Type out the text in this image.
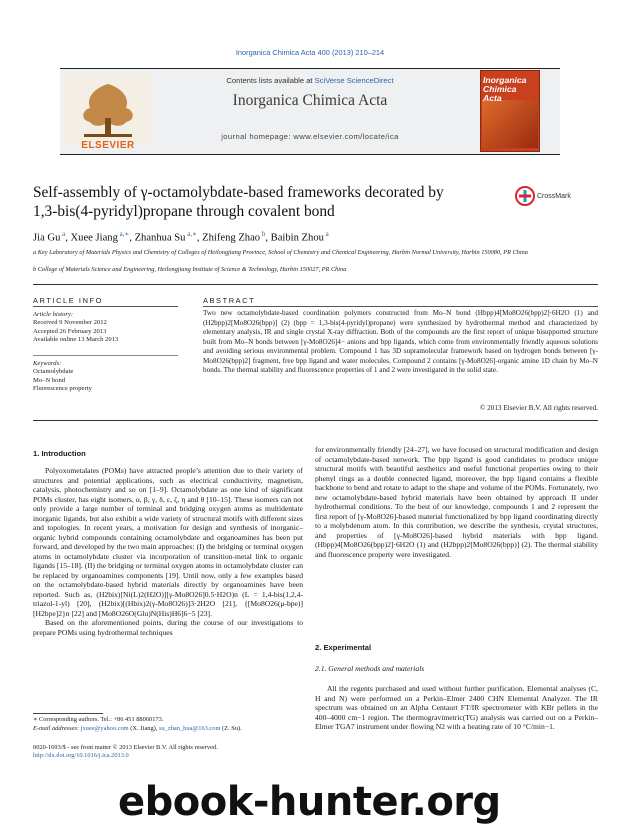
Inorganica Chimica Acta 400 (2013) 210–214
ELSEVIER
Contents lists available at SciVerse ScienceDirect
Inorganica Chimica Acta
journal homepage: www.elsevier.com/locate/ica
Inorganica Chimica Acta
Self-assembly of γ-octamolybdate-based frameworks decorated by 1,3-bis(4-pyridyl)propane through covalent bond
CrossMark
Jia Gu $^a$, Xuee Jiang $^{a,∗}$, Zhanhua Su $^{a,∗}$, Zhifeng Zhao $^b$, Baibin Zhou $^a$
a Key Laboratory of Materials Physics and Chemistry of Colleges of Heilongjiang Province, School of Chemistry and Chemical Engineering, Harbin Normal University, Harbin 150080, PR China
b College of Materials Science and Engineering, Heilongjiang Institute of Science & Technology, Harbin 150027, PR China
ARTICLE INFO	ABSTRACT
Article history:
Received 9 November 2012
Accepted 26 February 2013
Available online 13 March 2013
Keywords:
Octamolybdate
Mo–N bond
Fluorescence property
Two new octamolybdate-based coordination polymers constructed from Mo–N bond (Hbpp)4[Mo8O26(bpp)2]·6H2O (1) and (H2bpp)2[Mo8O26(bpp)] (2) (bpp = 1,3-bis(4-pyridyl)propane) were synthesized by hydrothermal method and characterized by elementary analysis, IR and single crystal X-ray diffraction. Both of the compounds are the first report of unique bisupported structure built from Mo–N bonds between [γ-Mo8O26]4− anions and bpp ligands, which come from environmentally friendly aqueous solutions and avoiding serious environmental problem. Compound 1 has 3D supramolecular framework based on hydrogen bonds between [γ-Mo8O26(bpp)2] fragment, free bpp ligand and water molecules. Compound 2 contains [γ-Mo8O26]-organic amine 1D chain by Mo–N bonds. The thermal stability and fluorescence properties of 1 and 2 were investigated in the solid state.
© 2013 Elsevier B.V. All rights reserved.
1. Introduction

Polyoxometalates (POMs) have attracted people’s attention due to their variety of structures and potential applications, such as electrical conductivity, magnetism, catalysis, photochemistry and so on [1–9]. Octamolybdate as one kind of significant POMs cluster, has eight isomers, α, β, γ, δ, ε, ζ, η and θ [10–15]. These isomers can not only provide a large number of terminal and bridging oxygen atoms as multidentate inorganic ligands, but also exhibit a wide variety of structural motifs with different sizes and topologies. In recent years, a motivation for design and synthesis of inorganic–organic hybrid compounds containing octamolybdate and organoamines has been put forward, and developed by the two main approaches: (I) the bridging or terminal oxygen atoms in octamolybdate cluster via incorporation of transition-metal link to organic ligands [15–18]. (II) the bridging or terminal oxygen atoms in octamolybdate cluster can be replaced by organoamines components [19]. Until now, only a few examples based on the octamolybdate-based hybrid materials directly by organoamines have been reported. Such as, (H2bix)[Ni(L)2(H2O)][γ-Mo8O26]0.5·H2O)n (L = 1,4-bis(1,2,4-triazol-1-yl) [20], (H2bix)[(Hbix)2(γ-Mo8O26)]3·2H2O [21], {[Mo8O26(μ-bpe)][H2bpe]2}n [22] and [Mo8O26O(Glu)N(His)H6]6−5 [23].

Based on the aforementioned points, during the course of our investigations to prepare POMs using hydrothermal techniques

for environmentally friendly [24–27], we have focused on structural modification and design of octamolybdate-based network. The bpp ligand is good candidates to produce unique structural motifs with beautiful aesthetics and useful functional properties owing to their phenyl rings as a double connected ligand, moreover, the bpp ligand contains a flexible backbone to bend and rotate to adapt to the shape and volume of the POMs. Fortunately, two new octamolybdate-based hybrid materials have been obtained by approach II under hydrothermal conditions. To the best of our knowledge, compounds 1 and 2 represent the first report of [γ-Mo8O26]-based material functionalized by bpp ligand coordinating directly to a molybdenum atom. In this contribution, we describe the synthesis, crystal structures, and properties of [γ-Mo8O26]-based hybrid materials with bpp ligand. (Hbpp)4[Mo8O26(bpp)2]·6H2O (1) and (H2bpp)2[Mo8O26(bpp)] (2). The thermal stability and fluorescence property were investigated.

2. Experimental
2.1. General methods and materials

All the regents purchased and used without further purification. Elemental analyses (C, H and N) were performed on a Perkin–Elmer 2400 CHN Elemental Analyzer. The IR spectrum was obtained on an Alpha Centaurt FT/IR spectrometer with KBr pellets in the 400–4000 cm−1 region. The thermogravimetric(TG) analysis was carried out on a Perkin–Elmer TGA7 instrument under flowing N2 with a heating rate of 10 °C/min−1.

∗ Corresponding authors. Tel.: +86 451 88060173.
E-mail addresses: jxuee@yahoo.com (X. Jiang), su_zhan_hua@163.com (Z. Su).
0020-1693/$ - see front matter © 2013 Elsevier B.V. All rights reserved.
http://dx.doi.org/10.1016/j.ica.2013.0
ebook-hunter.org
